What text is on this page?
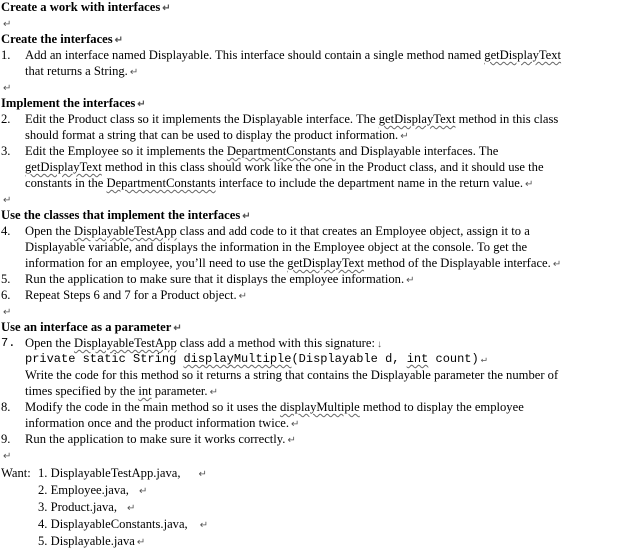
Create a work with interfaces ↵
↵
Create the interfaces ↵
1. Add an interface named Displayable. This interface should contain a single method named getDisplayText
that returns a String. ↵
↵
Implement the interfaces ↵
2. Edit the Product class so it implements the Displayable interface. The getDisplayText method in this class
should format a string that can be used to display the product information. ↵
3. Edit the Employee so it implements the DepartmentConstants and Displayable interfaces. The
getDisplayText method in this class should work like the one in the Product class, and it should use the
constants in the DepartmentConstants interface to include the department name in the return value. ↵
↵
Use the classes that implement the interfaces ↵
4. Open the DisplayableTestApp class and add code to it that creates an Employee object, assign it to a
Displayable variable, and displays the information in the Employee object at the console. To get the
information for an employee, you’ll need to use the getDisplayText method of the Displayable interface. ↵
5. Run the application to make sure that it displays the employee information. ↵
6. Repeat Steps 6 and 7 for a Product object. ↵
↵
Use an interface as a parameter ↵
7. Open the DisplayableTestApp class add a method with this signature: ↓
private static String displayMultiple(Displayable d, int count) ↵
Write the code for this method so it returns a string that contains the Displayable parameter the number of
times specified by the int parameter. ↵
8. Modify the code in the main method so it uses the displayMultiple method to display the employee
information once and the product information twice. ↵
9. Run the application to make sure it works correctly. ↵
↵
Want: 1. DisplayableTestApp.java, ↵
2. Employee.java, ↵
3. Product.java, ↵
4. DisplayableConstants.java, ↵
5. Displayable.java ↵
